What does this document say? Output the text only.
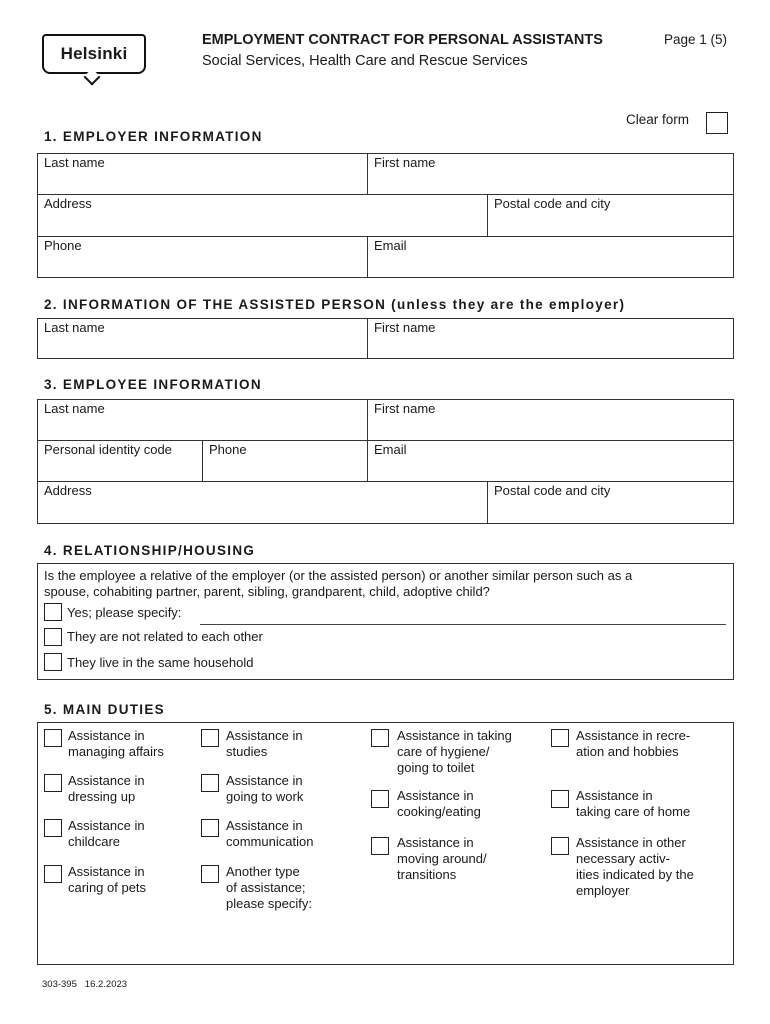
Helsinki
EMPLOYMENT CONTRACT FOR PERSONAL ASSISTANTS
Social Services, Health Care and Rescue Services
Page 1 (5)
Clear form
1. EMPLOYER INFORMATION
Last name	First name
Address	Postal code and city
Phone	Email
2. INFORMATION OF THE ASSISTED PERSON (unless they are the employer)
Last name	First name
3. EMPLOYEE INFORMATION
Last name	First name
Personal identity code	Phone	Email
Address	Postal code and city
4. RELATIONSHIP/HOUSING
Is the employee a relative of the employer (or the assisted person) or another similar person such as a
spouse, cohabiting partner, parent, sibling, grandparent, child, adoptive child?
Yes; please specify:
They are not related to each other
They live in the same household
5. MAIN DUTIES
Assistance in
managing affairs
Assistance in
dressing up
Assistance in
childcare
Assistance in
caring of pets
Assistance in
studies
Assistance in
going to work
Assistance in
communication
Another type
of assistance;
please specify:
Assistance in taking
care of hygiene/
going to toilet
Assistance in
cooking/eating
Assistance in
moving around/
transitions
Assistance in recre-
ation and hobbies
Assistance in
taking care of home
Assistance in other
necessary activ-
ities indicated by the
employer
303-395   16.2.2023
